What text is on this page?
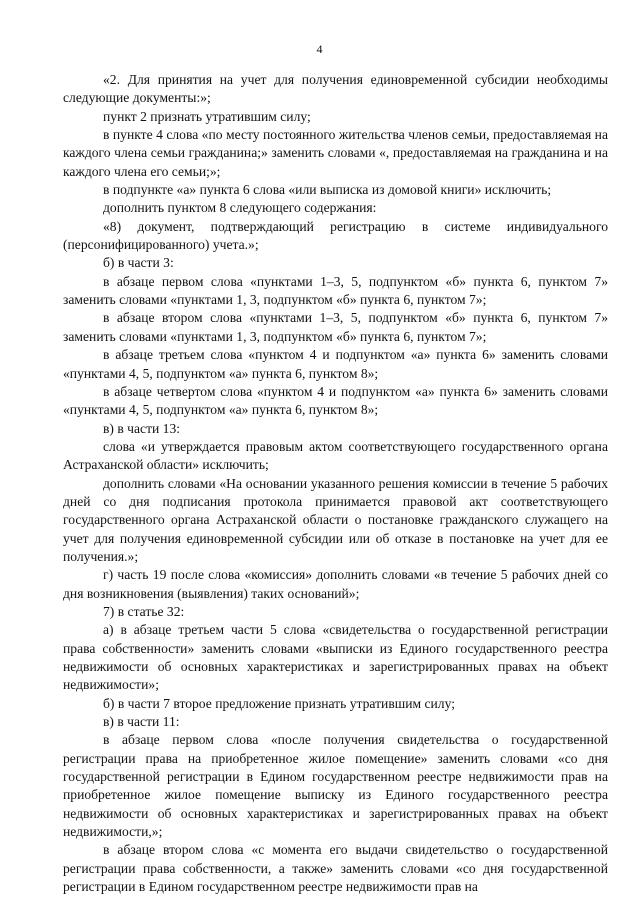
4

«2. Для принятия на учет для получения единовременной субсидии необходимы следующие документы:»;

пункт 2 признать утратившим силу;

в пункте 4 слова «по месту постоянного жительства членов семьи, предоставляемая на каждого члена семьи гражданина;» заменить словами «, предоставляемая на гражданина и на каждого члена его семьи;»;

в подпункте «а» пункта 6 слова «или выписка из домовой книги» исключить;

дополнить пунктом 8 следующего содержания:

«8) документ, подтверждающий регистрацию в системе индивидуального (персонифицированного) учета.»;

б) в части 3:

в абзаце первом слова «пунктами 1–3, 5, подпунктом «б» пункта 6, пунктом 7» заменить словами «пунктами 1, 3, подпунктом «б» пункта 6, пунктом 7»;

в абзаце втором слова «пунктами 1–3, 5, подпунктом «б» пункта 6, пунктом 7» заменить словами «пунктами 1, 3, подпунктом «б» пункта 6, пунктом 7»;

в абзаце третьем слова «пунктом 4 и подпунктом «а» пункта 6» заменить словами «пунктами 4, 5, подпунктом «а» пункта 6, пунктом 8»;

в абзаце четвертом слова «пунктом 4 и подпунктом «а» пункта 6» заменить словами «пунктами 4, 5, подпунктом «а» пункта 6, пунктом 8»;

в) в части 13:

слова «и утверждается правовым актом соответствующего государственного органа Астраханской области» исключить;

дополнить словами «На основании указанного решения комиссии в течение 5 рабочих дней со дня подписания протокола принимается правовой акт соответствующего государственного органа Астраханской области о постановке гражданского служащего на учет для получения единовременной субсидии или об отказе в постановке на учет для ее получения.»;

г) часть 19 после слова «комиссия» дополнить словами «в течение 5 рабочих дней со дня возникновения (выявления) таких оснований»;

7) в статье 32:

а) в абзаце третьем части 5 слова «свидетельства о государственной регистрации права собственности» заменить словами «выписки из Единого государственного реестра недвижимости об основных характеристиках и зарегистрированных правах на объект недвижимости»;

б) в части 7 второе предложение признать утратившим силу;

в) в части 11:

в абзаце первом слова «после получения свидетельства о государственной регистрации права на приобретенное жилое помещение» заменить словами «со дня государственной регистрации в Едином государственном реестре недвижимости прав на приобретенное жилое помещение выписку из Единого государственного реестра недвижимости об основных характеристиках и зарегистрированных правах на объект недвижимости,»;

в абзаце втором слова «с момента его выдачи свидетельство о государственной регистрации права собственности, а также» заменить словами «со дня государственной регистрации в Едином государственном реестре недвижимости прав на
